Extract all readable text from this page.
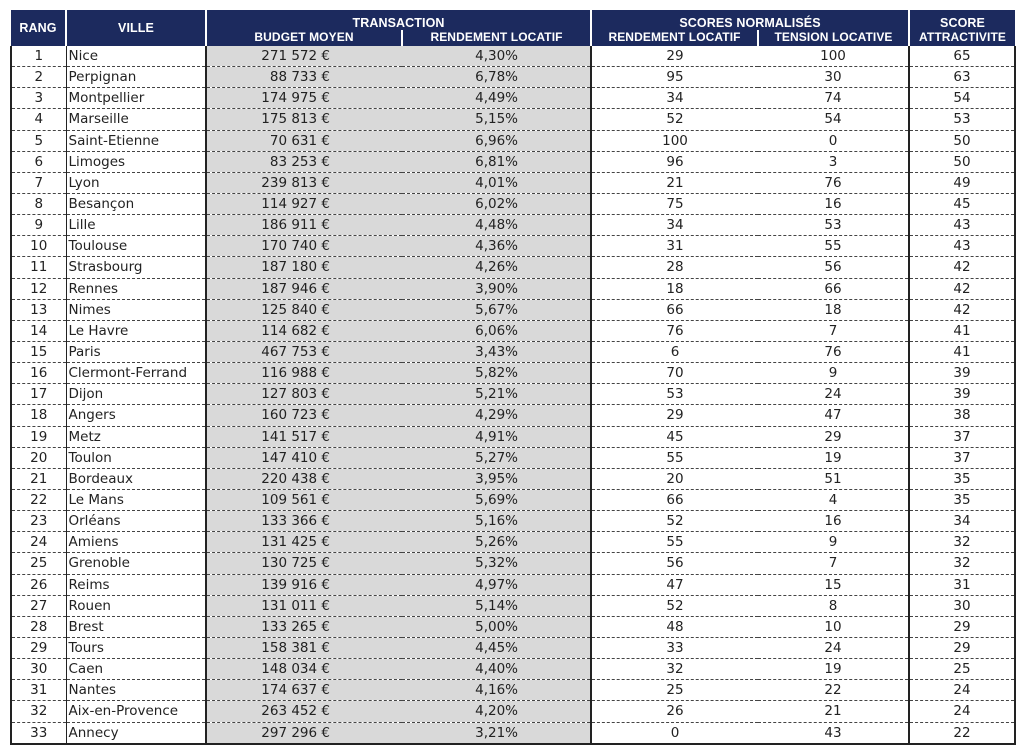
RANG	VILLE	TRANSACTION		SCORES NORMALISÉS		SCORE
		BUDGET MOYEN	RENDEMENT LOCATIF	RENDEMENT LOCATIF	TENSION LOCATIVE	ATTRACTIVITE
1	Nice	271 572 €	4,30%	29	100	65
2	Perpignan	88 733 €	6,78%	95	30	63
3	Montpellier	174 975 €	4,49%	34	74	54
4	Marseille	175 813 €	5,15%	52	54	53
5	Saint-Etienne	70 631 €	6,96%	100	0	50
6	Limoges	83 253 €	6,81%	96	3	50
7	Lyon	239 813 €	4,01%	21	76	49
8	Besançon	114 927 €	6,02%	75	16	45
9	Lille	186 911 €	4,48%	34	53	43
10	Toulouse	170 740 €	4,36%	31	55	43
11	Strasbourg	187 180 €	4,26%	28	56	42
12	Rennes	187 946 €	3,90%	18	66	42
13	Nimes	125 840 €	5,67%	66	18	42
14	Le Havre	114 682 €	6,06%	76	7	41
15	Paris	467 753 €	3,43%	6	76	41
16	Clermont-Ferrand	116 988 €	5,82%	70	9	39
17	Dijon	127 803 €	5,21%	53	24	39
18	Angers	160 723 €	4,29%	29	47	38
19	Metz	141 517 €	4,91%	45	29	37
20	Toulon	147 410 €	5,27%	55	19	37
21	Bordeaux	220 438 €	3,95%	20	51	35
22	Le Mans	109 561 €	5,69%	66	4	35
23	Orléans	133 366 €	5,16%	52	16	34
24	Amiens	131 425 €	5,26%	55	9	32
25	Grenoble	130 725 €	5,32%	56	7	32
26	Reims	139 916 €	4,97%	47	15	31
27	Rouen	131 011 €	5,14%	52	8	30
28	Brest	133 265 €	5,00%	48	10	29
29	Tours	158 381 €	4,45%	33	24	29
30	Caen	148 034 €	4,40%	32	19	25
31	Nantes	174 637 €	4,16%	25	22	24
32	Aix-en-Provence	263 452 €	4,20%	26	21	24
33	Annecy	297 296 €	3,21%	0	43	22
